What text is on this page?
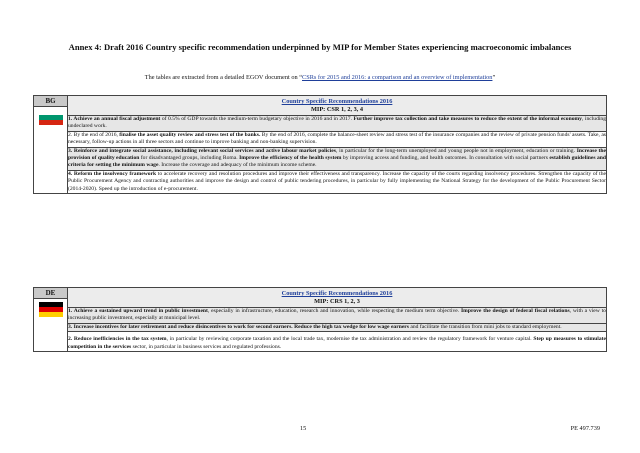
Annex 4: Draft 2016 Country specific recommendation underpinned by MIP for Member States experiencing macroeconomic imbalances
The tables are extracted from a detailed EGOV document on “CSRs for 2015 and 2016: a comparison and an overview of implementation”
BG	Country Specific Recommendations 2016
MIP: CSR 1, 2, 3, 4

1. Achieve an annual fiscal adjustment of 0.5% of GDP towards the medium-term budgetary objective in 2016 and in 2017. Further improve tax collection and take measures to reduce the extent of the informal economy, including undeclared work.
2. By the end of 2016, finalise the asset quality review and stress test of the banks. By the end of 2016, complete the balance-sheet review and stress test of the insurance companies and the review of private pension funds' assets. Take, as necessary, follow-up actions in all three sectors and continue to improve banking and non-banking supervision.
3. Reinforce and integrate social assistance, including relevant social services and active labour market policies, in particular for the long-term unemployed and young people not in employment, education or training. Increase the provision of quality education for disadvantaged groups, including Roma. Improve the efficiency of the health system by improving access and funding, and health outcomes. In consultation with social partners establish guidelines and criteria for setting the minimum wage. Increase the coverage and adequacy of the minimum income scheme.
4. Reform the insolvency framework to accelerate recovery and resolution procedures and improve their effectiveness and transparency. Increase the capacity of the courts regarding insolvency procedures. Strengthen the capacity of the Public Procurement Agency and contracting authorities and improve the design and control of public tendering procedures, in particular by fully implementing the National Strategy for the development of the Public Procurement Sector (2014-2020). Speed up the introduction of e-procurement.
DE	Country Specific Recommendations 2016
MIP: CRS 1, 2, 3

1. Achieve a sustained upward trend in public investment, especially in infrastructure, education, research and innovation, while respecting the medium term objective. Improve the design of federal fiscal relations, with a view to increasing public investment, especially at municipal level.
3. Increase incentives for later retirement and reduce disincentives to work for second earners. Reduce the high tax wedge for low wage earners and facilitate the transition from mini jobs to standard employment.
2. Reduce inefficiencies in the tax system, in particular by reviewing corporate taxation and the local trade tax, modernise the tax administration and review the regulatory framework for venture capital. Step up measures to stimulate competition in the services sector, in particular in business services and regulated professions.
15	PE 497.739
